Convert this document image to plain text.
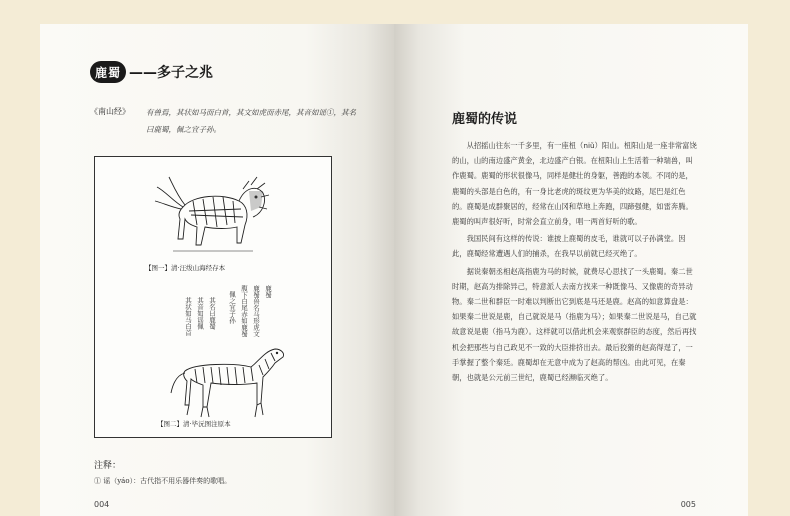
鹿蜀 ——多子之兆
《南山经》 有兽焉，其状如马而白首，其文如虎而赤尾，其音如谣①，其名曰鹿蜀，佩之宜子孙。
【图一】清·汪绂山海经存本
鹿蜀
鹿蜀兽名马形虎文
腹下白尾赤如鹿蜀
佩之宜子孙
其名曰鹿蜀
其音如谣佩
其状如马白首
【图二】清·毕沅图注原本
注释：
① 谣（yáo）：古代指不用乐器伴奏的歌唱。
004
鹿蜀的传说

从招摇山往东一千多里，有一座杻（niǔ）阳山。杻阳山是一座非常富饶的山，山的南边盛产黄金，北边盛产白银。在杻阳山上生活着一种瑞兽，叫作鹿蜀。鹿蜀的形状很像马，同样是健壮的身躯，善跑的本领。不同的是，鹿蜀的头部是白色的，有一身比老虎的斑纹更为华美的纹路，尾巴是红色的。鹿蜀是成群聚居的，经常在山冈和草地上奔跑，四蹄强健，如雷奔腾。鹿蜀的叫声很好听，时常会直立前身，唱一两首好听的歌。

我国民间有这样的传说：谁披上鹿蜀的皮毛，谁就可以子孙满堂。因此，鹿蜀经常遭遇人们的捕杀，在我早以前就已经灭绝了。

据说秦朝丞相赵高指鹿为马的时候，就费尽心思找了一头鹿蜀。秦二世时期，赵高为排除异己，特意派人去南方找来一种既像马、又像鹿的奇异动物。秦二世和群臣一时难以判断出它到底是马还是鹿。赵高的如意算盘是：如果秦二世说是鹿，自己就说是马（指鹿为马）；如果秦二世说是马，自己就故意说是鹿（指马为鹿）。这样就可以借此机会来观察群臣的态度，然后再找机会把那些与自己政见不一致的大臣排挤出去。最后狡猾的赵高得逞了，一手掌握了整个秦廷。鹿蜀却在无意中成为了赵高的帮凶。由此可见，在秦朝，也就是公元前三世纪，鹿蜀已经濒临灭绝了。

005
